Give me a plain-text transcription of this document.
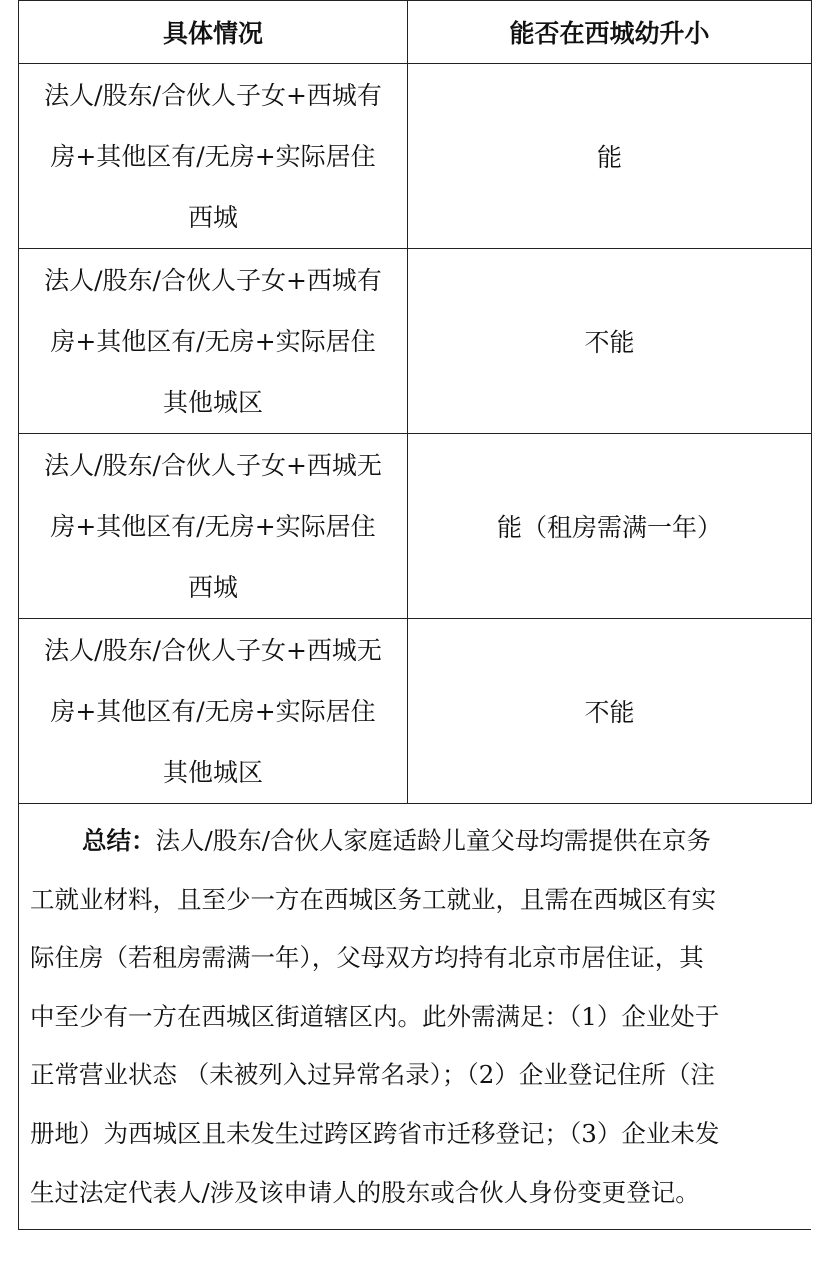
具体情况	能否在西城幼升小

法人/股东/合伙人子女+西城有
房+其他区有/无房+实际居住
西城	能

法人/股东/合伙人子女+西城有
房+其他区有/无房+实际居住
其他城区	不能

法人/股东/合伙人子女+西城无
房+其他区有/无房+实际居住
西城	能（租房需满一年）

法人/股东/合伙人子女+西城无
房+其他区有/无房+实际居住
其他城区	不能
总结：法人/股东/合伙人家庭适龄儿童父母均需提供在京务
工就业材料，且至少一方在西城区务工就业，且需在西城区有实
际住房（若租房需满一年），父母双方均持有北京市居住证，其
中至少有一方在西城区街道辖区内。此外需满足：（1）企业处于
正常营业状态 （未被列入过异常名录）；（2）企业登记住所（注
册地）为西城区且未发生过跨区跨省市迁移登记；（3）企业未发
生过法定代表人/涉及该申请人的股东或合伙人身份变更登记。
